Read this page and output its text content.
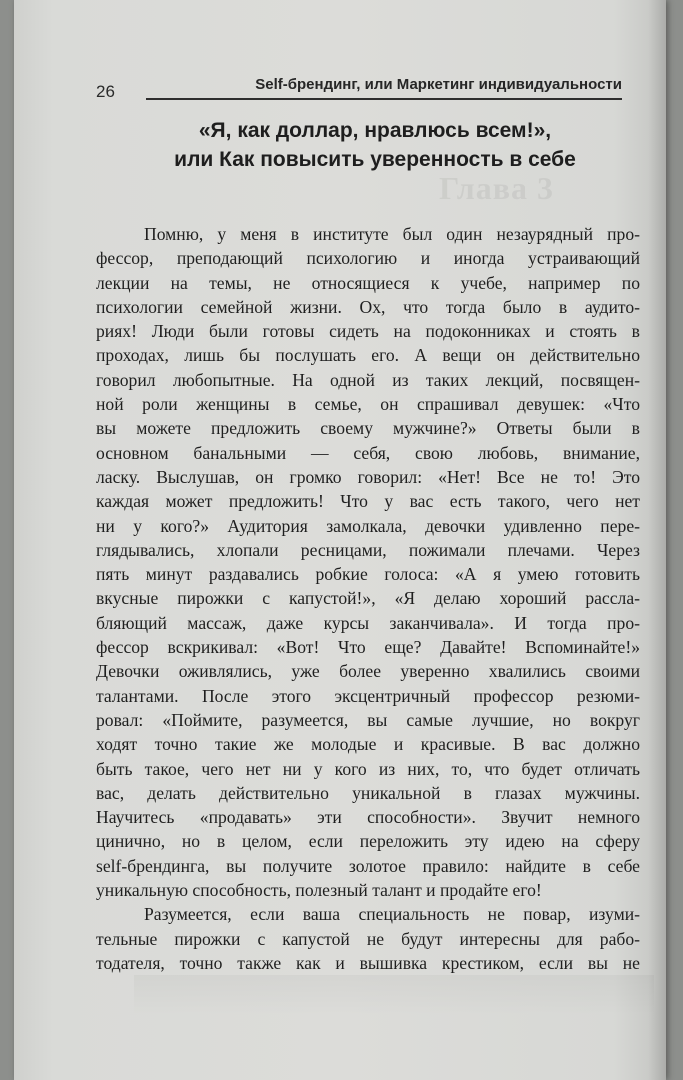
26	Self-брендинг, или Маркетинг индивидуальности
«Я, как доллар, нравлюсь всем!»,
или Как повысить уверенность в себе
Глава 3
Помню, у меня в институте был один незаурядный про-
фессор, преподающий психологию и иногда устраивающий
лекции на темы, не относящиеся к учебе, например по
психологии семейной жизни. Ох, что тогда было в аудито-
риях! Люди были готовы сидеть на подоконниках и стоять в
проходах, лишь бы послушать его. А вещи он действительно
говорил любопытные. На одной из таких лекций, посвящен-
ной роли женщины в семье, он спрашивал девушек: «Что
вы можете предложить своему мужчине?» Ответы были в
основном банальными — себя, свою любовь, внимание,
ласку. Выслушав, он громко говорил: «Нет! Все не то! Это
каждая может предложить! Что у вас есть такого, чего нет
ни у кого?» Аудитория замолкала, девочки удивленно пере-
глядывались, хлопали ресницами, пожимали плечами. Через
пять минут раздавались робкие голоса: «А я умею готовить
вкусные пирожки с капустой!», «Я делаю хороший рассла-
бляющий массаж, даже курсы заканчивала». И тогда про-
фессор вскрикивал: «Вот! Что еще? Давайте! Вспоминайте!»
Девочки оживлялись, уже более уверенно хвалились своими
талантами. После этого эксцентричный профессор резюми-
ровал: «Поймите, разумеется, вы самые лучшие, но вокруг
ходят точно такие же молодые и красивые. В вас должно
быть такое, чего нет ни у кого из них, то, что будет отличать
вас, делать действительно уникальной в глазах мужчины.
Научитесь «продавать» эти способности». Звучит немного
цинично, но в целом, если переложить эту идею на сферу
self-брендинга, вы получите золотое правило: найдите в себе
уникальную способность, полезный талант и продайте его!
Разумеется, если ваша специальность не повар, изуми-
тельные пирожки с капустой не будут интересны для рабо-
тодателя, точно также как и вышивка крестиком, если вы не
